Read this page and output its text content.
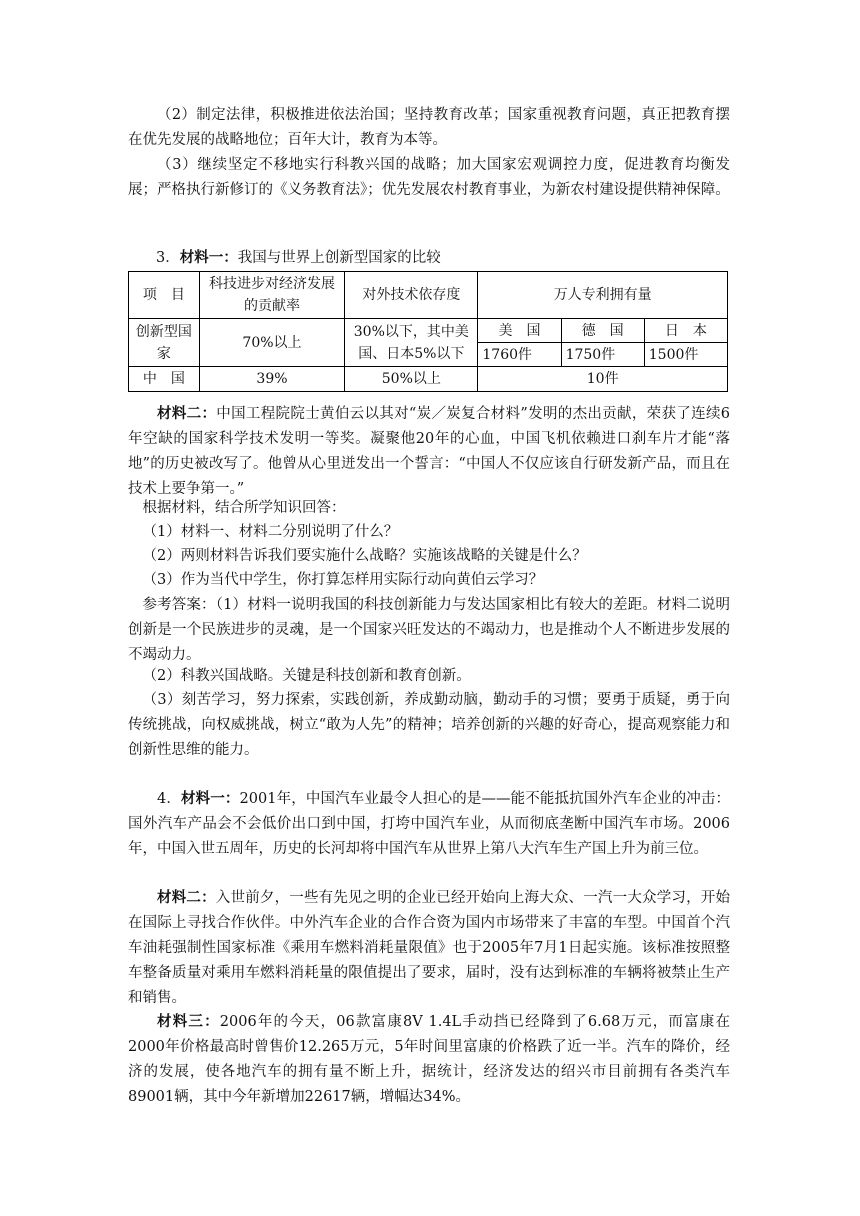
（2）制定法律，积极推进依法治国；坚持教育改革；国家重视教育问题，真正把教育摆在优先发展的战略地位；百年大计，教育为本等。

（3）继续坚定不移地实行科教兴国的战略；加大国家宏观调控力度，促进教育均衡发展；严格执行新修订的《义务教育法》；优先发展农村教育事业，为新农村建设提供精神保障。

3．材料一：我国与世界上创新型国家的比较

项　目	科技进步对经济发展的贡献率	对外技术依存度	万人专利拥有量		
创新型国　家	70%以上	30%以下，其中美国、日本5%以下	美　国	德　国	日　本
			1760件	1750件	1500件
中　国	39%	50%以上	10件		

材料二：中国工程院院士黄伯云以其对“炭／炭复合材料”发明的杰出贡献，荣获了连续6年空缺的国家科学技术发明一等奖。凝聚他20年的心血，中国飞机依赖进口刹车片才能“落地”的历史被改写了。他曾从心里迸发出一个誓言：“中国人不仅应该自行研发新产品，而且在技术上要争第一。”

根据材料，结合所学知识回答：

（1）材料一、材料二分别说明了什么？

（2）两则材料告诉我们要实施什么战略？实施该战略的关键是什么？

（3）作为当代中学生，你打算怎样用实际行动向黄伯云学习？

参考答案：（1）材料一说明我国的科技创新能力与发达国家相比有较大的差距。材料二说明创新是一个民族进步的灵魂，是一个国家兴旺发达的不竭动力，也是推动个人不断进步发展的不竭动力。

（2）科教兴国战略。关键是科技创新和教育创新。

（3）刻苦学习，努力探索，实践创新，养成勤动脑，勤动手的习惯；要勇于质疑，勇于向传统挑战，向权威挑战，树立“敢为人先”的精神；培养创新的兴趣的好奇心，提高观察能力和创新性思维的能力。

4．材料一：2001年，中国汽车业最令人担心的是——能不能抵抗国外汽车企业的冲击：国外汽车产品会不会低价出口到中国，打垮中国汽车业，从而彻底垄断中国汽车市场。2006年，中国入世五周年，历史的长河却将中国汽车从世界上第八大汽车生产国上升为前三位。

材料二：入世前夕，一些有先见之明的企业已经开始向上海大众、一汽一大众学习，开始在国际上寻找合作伙伴。中外汽车企业的合作合资为国内市场带来了丰富的车型。中国首个汽车油耗强制性国家标准《乘用车燃料消耗量限值》也于2005年7月1日起实施。该标准按照整车整备质量对乘用车燃料消耗量的限值提出了要求，届时，没有达到标准的车辆将被禁止生产和销售。

材料三：2006年的今天，06款富康8V 1.4L手动挡已经降到了6.68万元，而富康在2000年价格最高时曾售价12.265万元，5年时间里富康的价格跌了近一半。汽车的降价，经济的发展，使各地汽车的拥有量不断上升，据统计，经济发达的绍兴市目前拥有各类汽车89001辆，其中今年新增加22617辆，增幅达34%。
